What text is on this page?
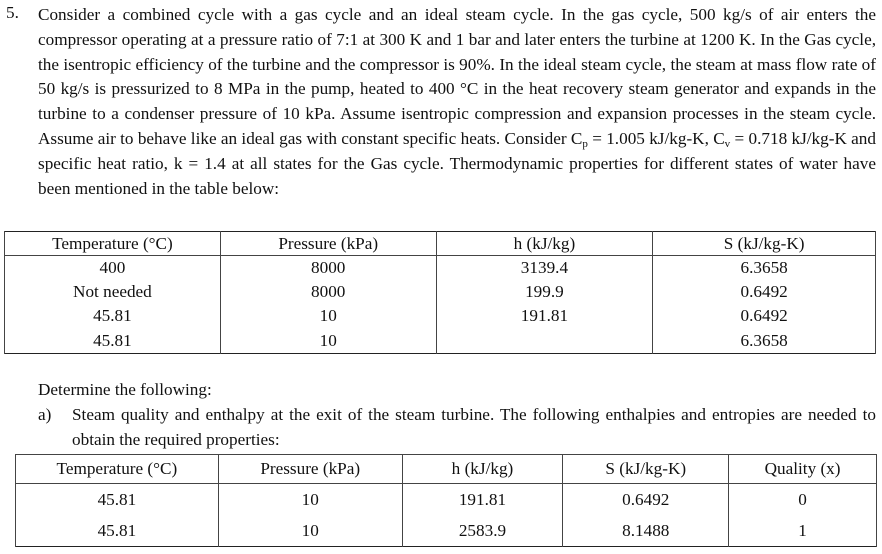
5. Consider a combined cycle with a gas cycle and an ideal steam cycle. In the gas cycle, 500 kg/s of air enters the compressor operating at a pressure ratio of 7:1 at 300 K and 1 bar and later enters the turbine at 1200 K. In the Gas cycle, the isentropic efficiency of the turbine and the compressor is 90%. In the ideal steam cycle, the steam at mass flow rate of 50 kg/s is pressurized to 8 MPa in the pump, heated to 400 °C in the heat recovery steam generator and expands in the turbine to a condenser pressure of 10 kPa. Assume isentropic compression and expansion processes in the steam cycle. Assume air to behave like an ideal gas with constant specific heats. Consider $C_p = 1.005$ kJ/kg-K, $C_v = 0.718$ kJ/kg-K and specific heat ratio, k = 1.4 at all states for the Gas cycle. Thermodynamic properties for different states of water have been mentioned in the table below:
Temperature (°C)	Pressure (kPa)	h (kJ/kg)	S (kJ/kg-K)
400	8000	3139.4	6.3658
Not needed	8000	199.9	0.6492
45.81	10	191.81	0.6492
45.81	10		6.3658
Determine the following:
a) Steam quality and enthalpy at the exit of the steam turbine. The following enthalpies and entropies are needed to obtain the required properties:
Temperature (°C)	Pressure (kPa)	h (kJ/kg)	S (kJ/kg-K)	Quality (x)
45.81	10	191.81	0.6492	0
45.81	10	2583.9	8.1488	1
